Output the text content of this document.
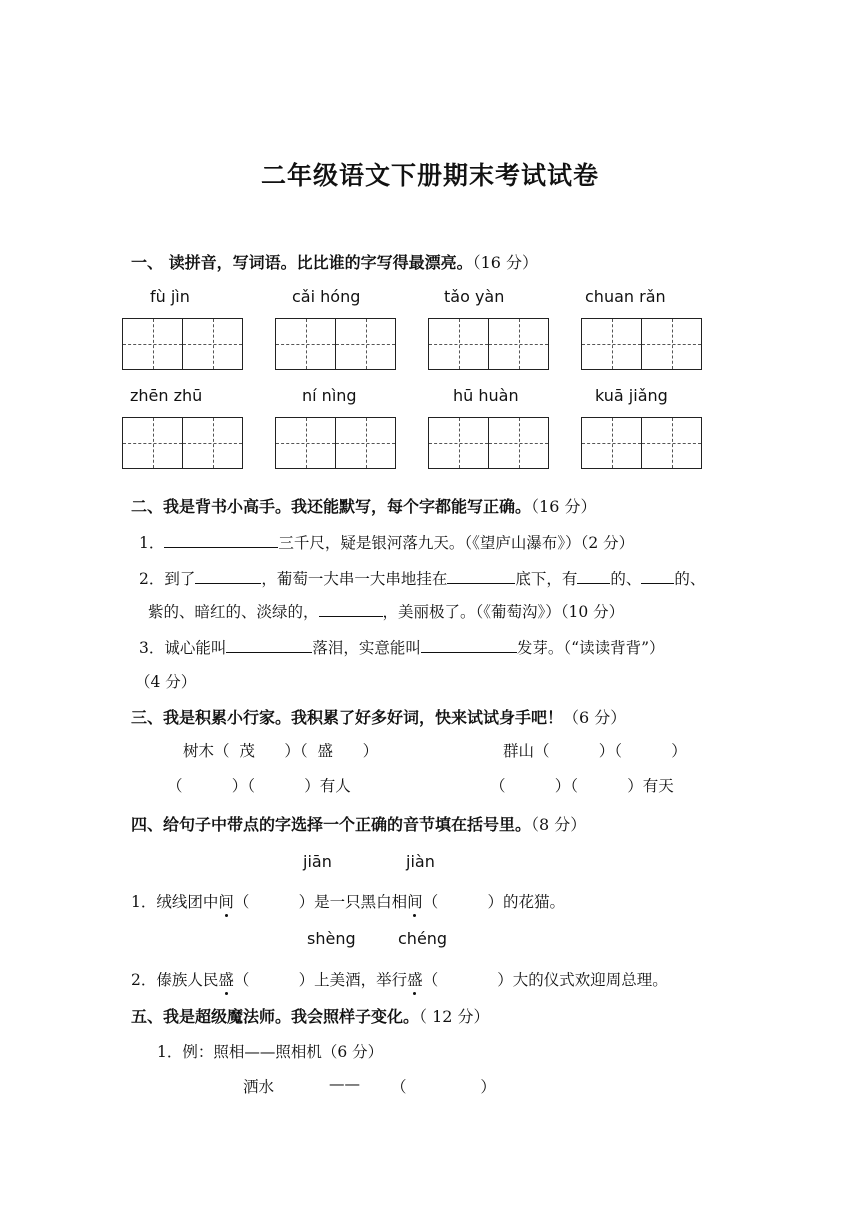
二年级语文下册期末考试试卷
一、 读拼音，写词语。比比谁的字写得最漂亮。（16 分）
fù jìn	cǎi hóng	tǎo yàn	chuan rǎn
zhēn zhū	ní nìng	hū huàn	kuā jiǎng
二、我是背书小高手。我还能默写，每个字都能写正确。（16 分）
1．	三千尺，疑是银河落九天。（《望庐山瀑布》）（2 分）
2．到了	，葡萄一大串一大串地挂在	底下，有 的、 的、
紫的、暗红的、淡绿的，	，美丽极了。（《葡萄沟》）（10 分）
3．诚心能叫	落泪，实意能叫	发芽。（“读读背背”）
（4 分）
三、我是积累小行家。我积累了好多好词，快来试试身手吧！（6 分）
树木（  茂      ）（  盛      ）	群山（          ）（          ）
（          ）（          ）有人	（          ）（          ）有天
四、给句子中带点的字选择一个正确的音节填在括号里。（8 分）
jiān	jiàn
1．绒线团中间（          ）是一只黑白相间（          ）的花猫。
shèng	chéng
2．傣族人民盛（          ）上美酒，举行盛（            ）大的仪式欢迎周总理。
五、我是超级魔法师。我会照样子变化。（ 12 分）
1．例：照相——照相机（6 分）
洒水	—— （               ）
